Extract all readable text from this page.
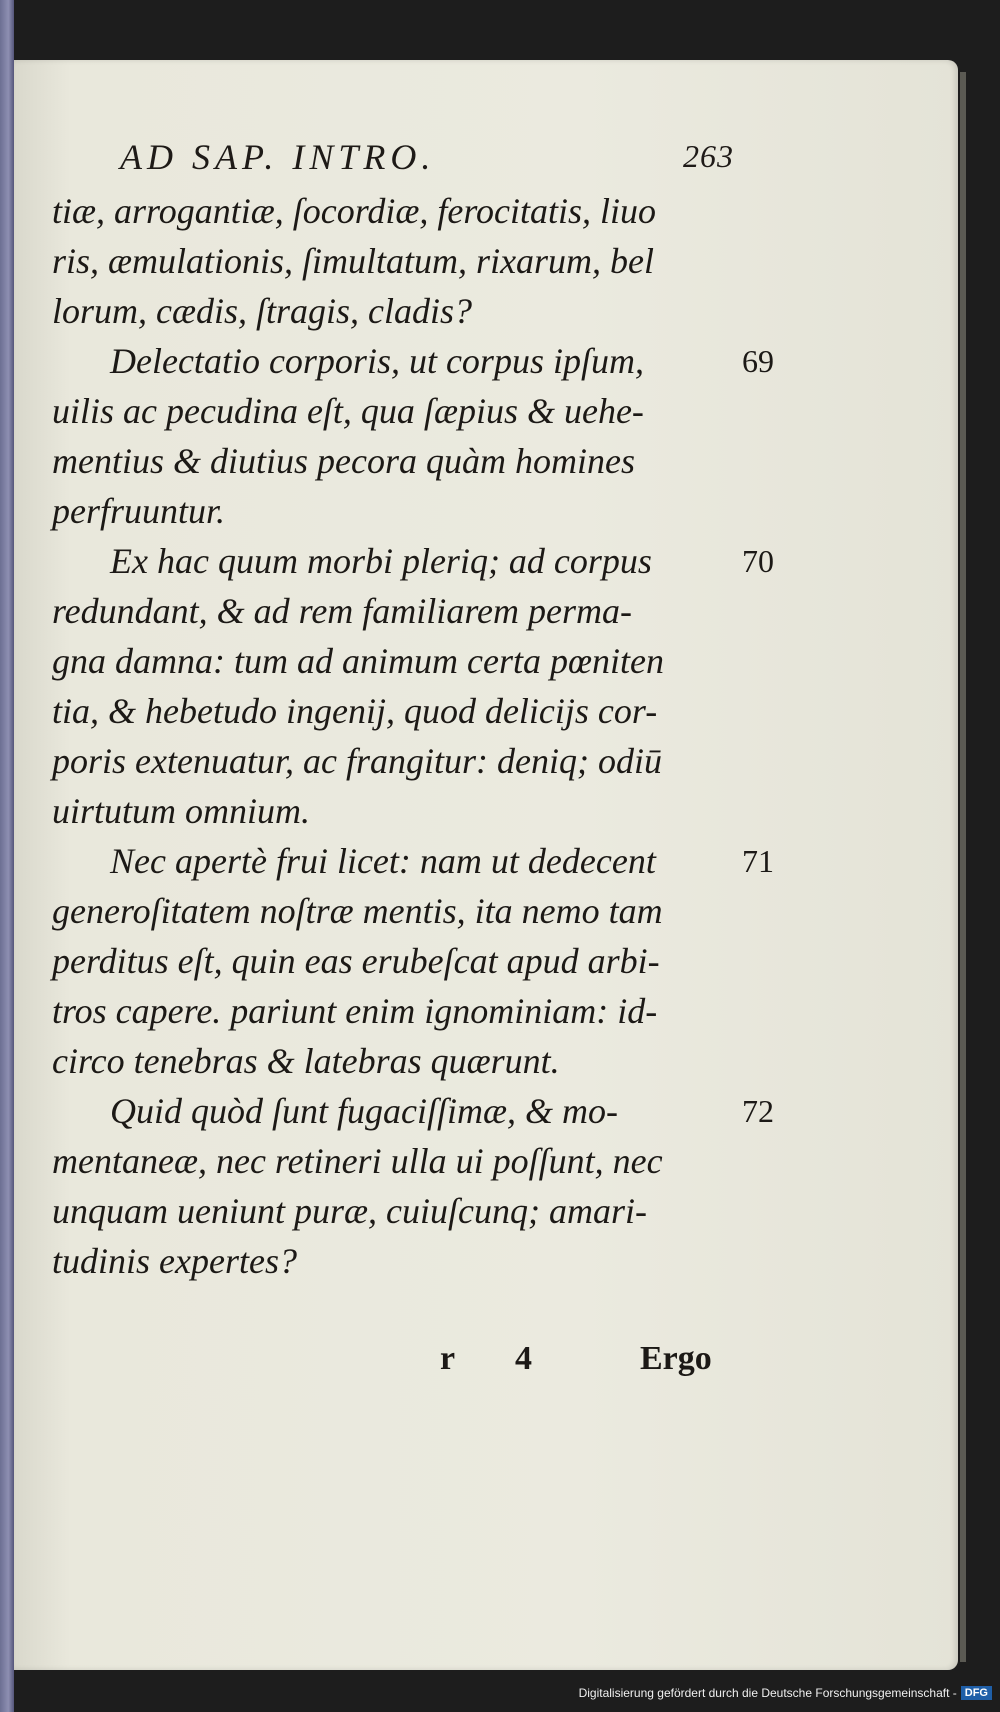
AD SAP. INTRO.	263
tiæ, arrogantiæ, ſocordiæ, ferocitatis, liuo
ris, æmulationis, ſimultatum, rixarum, bel
lorum, cædis, ſtragis, cladis?
69
Delectatio corporis, ut corpus ipſum,
uilis ac pecudina eſt, qua ſæpius & uehe-
mentius & diutius pecora quàm homines
perfruuntur.
70
Ex hac quum morbi pleriq; ad corpus
redundant, & ad rem familiarem perma-
gna damna: tum ad animum certa pœniten
tia, & hebetudo ingenij, quod delicijs cor-
poris extenuatur, ac frangitur: deniq; odiū
uirtutum omnium.
71
Nec apertè frui licet: nam ut dedecent
generoſitatem noſtræ mentis, ita nemo tam
perditus eſt, quin eas erubeſcat apud arbi-
tros capere. pariunt enim ignominiam: id-
circo tenebras & latebras quærunt.
72
Quid quòd ſunt fugaciſſimæ, & mo-
mentaneæ, nec retineri ulla ui poſſunt, nec
unquam ueniunt puræ, cuiuſcunq; amari-
tudinis expertes?
r 4 Ergo
Digitalisierung gefördert durch die Deutsche Forschungsgemeinschaft - DFG
